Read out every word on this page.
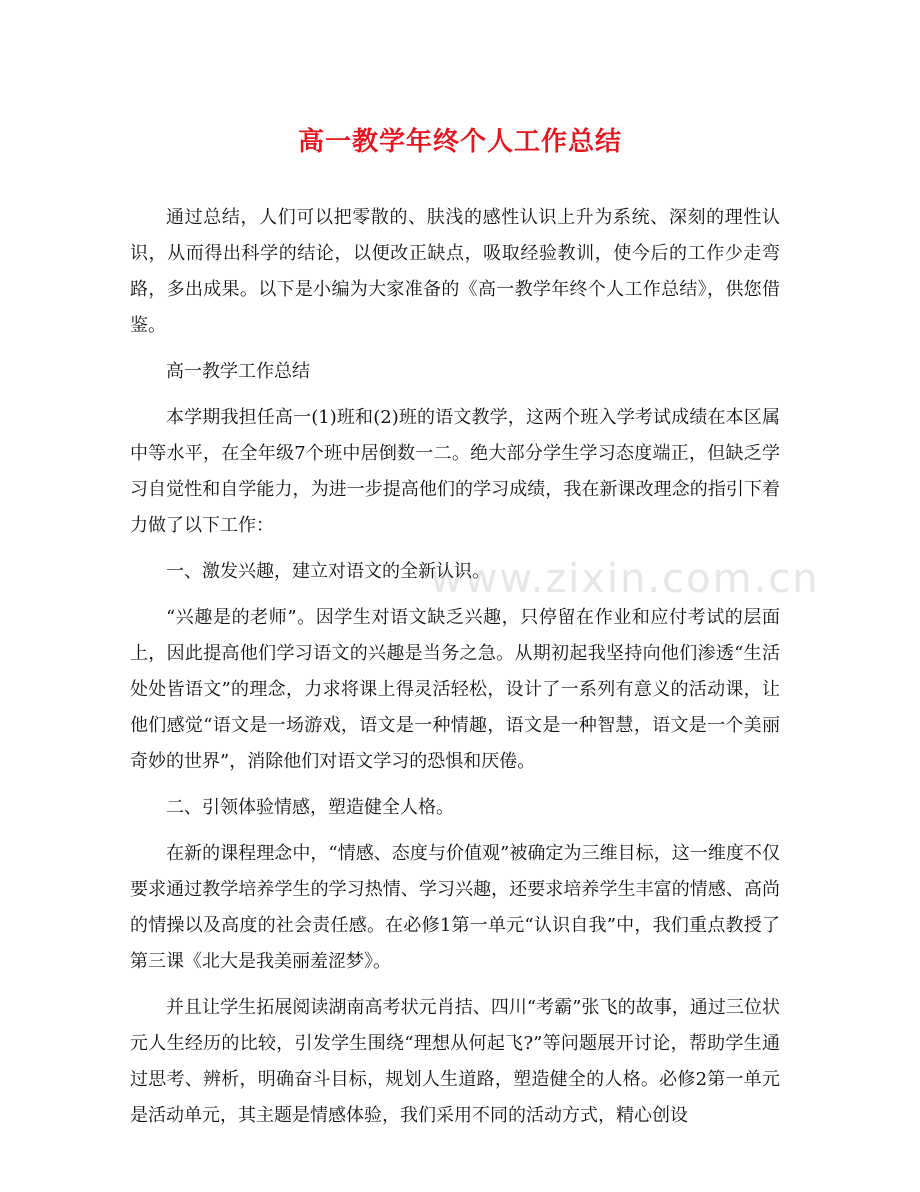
www.zixin.com.cn
高一教学年终个人工作总结

通过总结，人们可以把零散的、肤浅的感性认识上升为系统、深刻的理性认识，从而得出科学的结论，以便改正缺点，吸取经验教训，使今后的工作少走弯路，多出成果。以下是小编为大家准备的《高一教学年终个人工作总结》，供您借鉴。

高一教学工作总结

本学期我担任高一(1)班和(2)班的语文教学，这两个班入学考试成绩在本区属中等水平，在全年级7个班中居倒数一二。绝大部分学生学习态度端正，但缺乏学习自觉性和自学能力，为进一步提高他们的学习成绩，我在新课改理念的指引下着力做了以下工作：

一、激发兴趣，建立对语文的全新认识。

“兴趣是的老师”。因学生对语文缺乏兴趣，只停留在作业和应付考试的层面上，因此提高他们学习语文的兴趣是当务之急。从期初起我坚持向他们渗透“生活处处皆语文”的理念，力求将课上得灵活轻松，设计了一系列有意义的活动课，让他们感觉“语文是一场游戏，语文是一种情趣，语文是一种智慧，语文是一个美丽奇妙的世界”，消除他们对语文学习的恐惧和厌倦。

二、引领体验情感，塑造健全人格。

在新的课程理念中，“情感、态度与价值观”被确定为三维目标，这一维度不仅要求通过教学培养学生的学习热情、学习兴趣，还要求培养学生丰富的情感、高尚的情操以及高度的社会责任感。在必修1第一单元“认识自我”中，我们重点教授了第三课《北大是我美丽羞涩梦》。

并且让学生拓展阅读湖南高考状元肖拮、四川“考霸”张飞的故事，通过三位状元人生经历的比较，引发学生围绕“理想从何起飞?”等问题展开讨论，帮助学生通过思考、辨析，明确奋斗目标，规划人生道路，塑造健全的人格。必修2第一单元是活动单元，其主题是情感体验，我们采用不同的活动方式，精心创设
